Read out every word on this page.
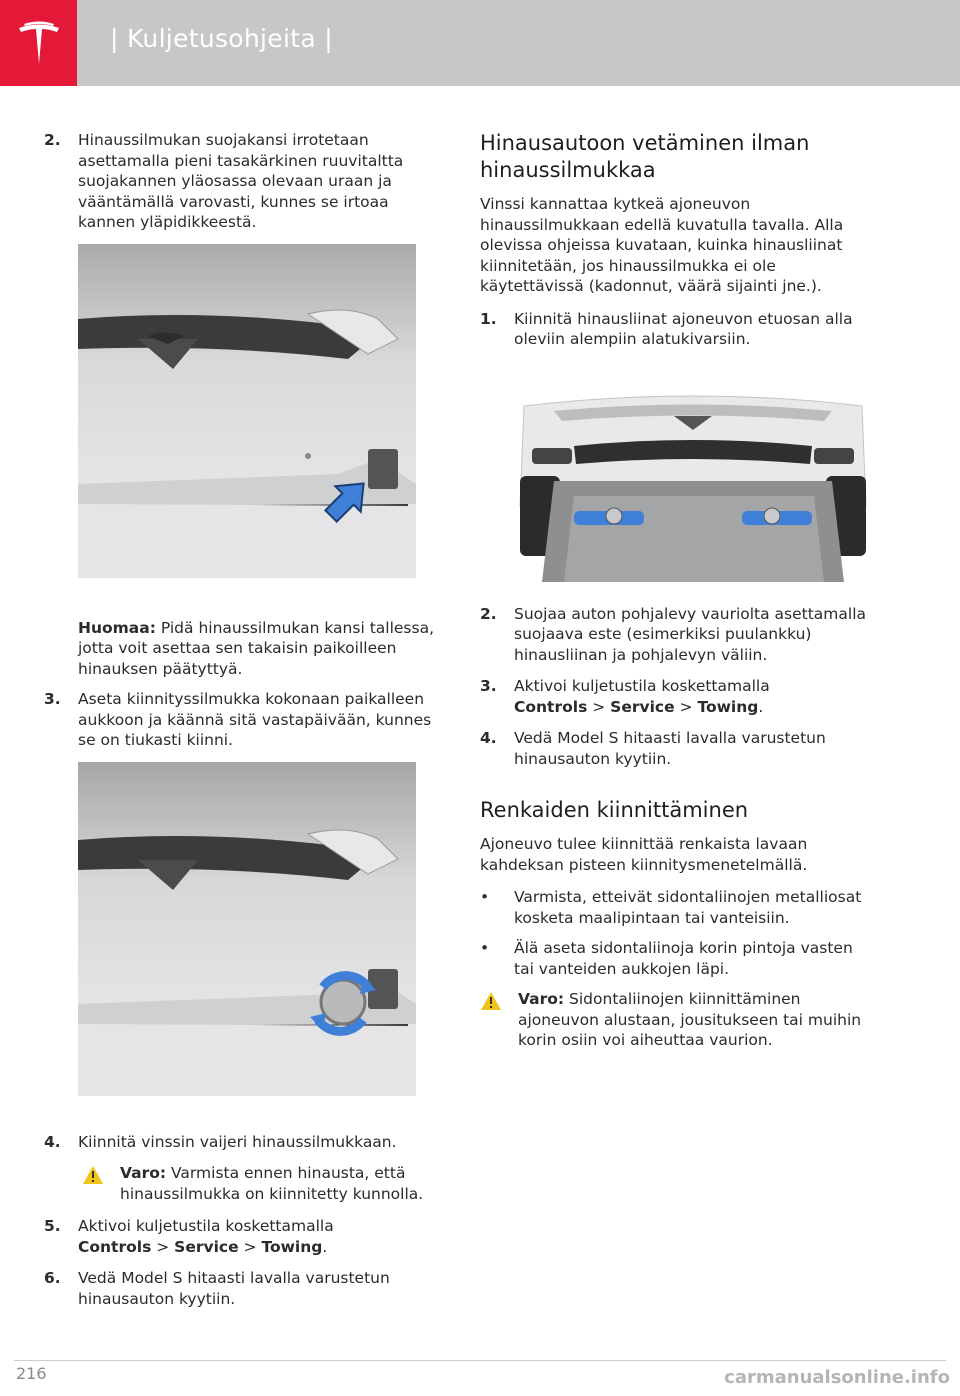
| Kuljetusohjeita |
2.	Hinaussilmukan suojakansi irrotetaan asettamalla pieni tasakärkinen ruuvitaltta suojakannen yläosassa olevaan uraan ja vääntämällä varovasti, kunnes se irtoaa kannen yläpidikkeestä.
Huomaa: Pidä hinaussilmukan kansi tallessa, jotta voit asettaa sen takaisin paikoilleen hinauksen päätyttyä.
3.	Aseta kiinnityssilmukka kokonaan paikalleen aukkoon ja käännä sitä vastapäivään, kunnes se on tiukasti kiinni.
4.	Kiinnitä vinssin vaijeri hinaussilmukkaan.
Varo: Varmista ennen hinausta, että hinaussilmukka on kiinnitetty kunnolla.
5.	Aktivoi kuljetustila koskettamalla
Controls > Service > Towing.
6.	Vedä Model S hitaasti lavalla varustetun hinausauton kyytiin.
Hinausautoon vetäminen ilman hinaussilmukkaa
Vinssi kannattaa kytkeä ajoneuvon hinaussilmukkaan edellä kuvatulla tavalla. Alla olevissa ohjeissa kuvataan, kuinka hinausliinat kiinnitetään, jos hinaussilmukka ei ole käytettävissä (kadonnut, väärä sijainti jne.).
1.	Kiinnitä hinausliinat ajoneuvon etuosan alla oleviin alempiin alatukivarsiin.
2.	Suojaa auton pohjalevy vauriolta asettamalla suojaava este (esimerkiksi puulankku) hinausliinan ja pohjalevyn väliin.
3.	Aktivoi kuljetustila koskettamalla
Controls > Service > Towing.
4.	Vedä Model S hitaasti lavalla varustetun hinausauton kyytiin.
Renkaiden kiinnittäminen
Ajoneuvo tulee kiinnittää renkaista lavaan kahdeksan pisteen kiinnitysmenetelmällä.
•	Varmista, etteivät sidontaliinojen metalliosat kosketa maalipintaan tai vanteisiin.
•	Älä aseta sidontaliinoja korin pintoja vasten tai vanteiden aukkojen läpi.
Varo: Sidontaliinojen kiinnittäminen ajoneuvon alustaan, jousitukseen tai muihin korin osiin voi aiheuttaa vaurion.
216	carmanualsonline.info
